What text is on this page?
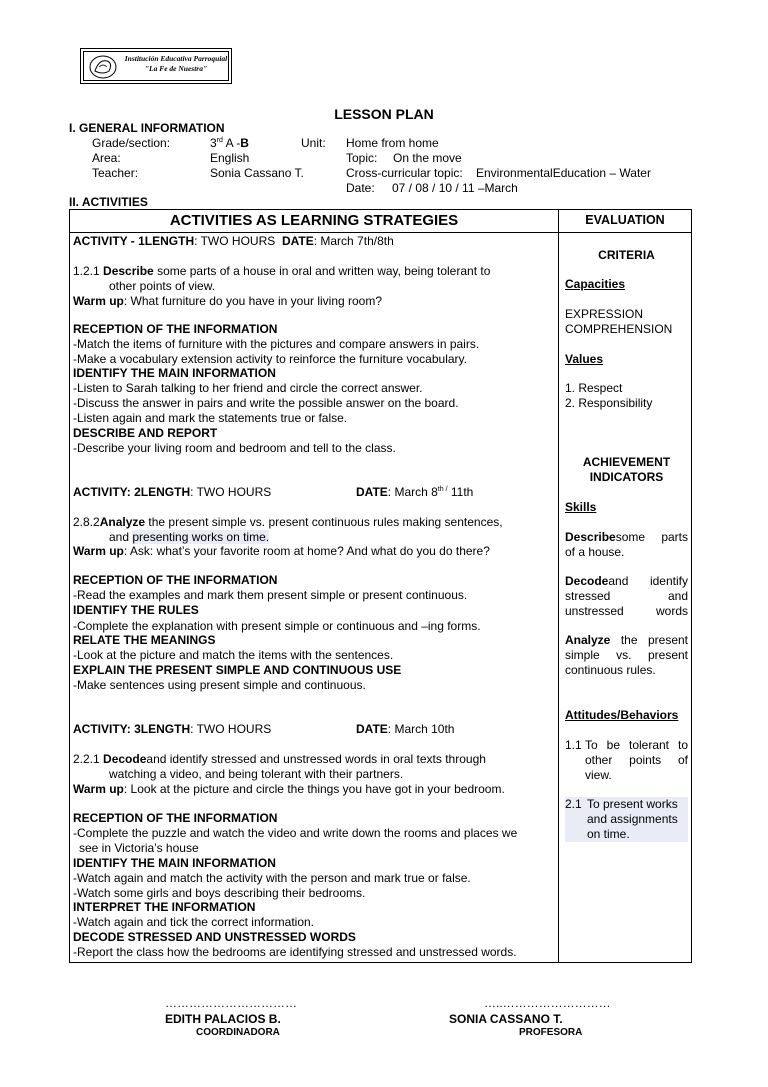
Institución Educativa Parroquial
"La Fe de Nuestra"
LESSON PLAN
I. GENERAL INFORMATION
Grade/section:	3rd A -B	Unit: Home from home
Area:	English	Topic: On the move
Teacher:	Sonia Cassano T.	Cross-curricular topic: EnvironmentalEducation – Water
Date: 07 / 08 / 10 / 11 –March
II. ACTIVITIES
ACTIVITIES AS LEARNING STRATEGIES	EVALUATION
ACTIVITY - 1LENGTH: TWO HOURS DATE: March 7th/8th
1.2.1 Describe some parts of a house in oral and written way, being tolerant to
other points of view.
Warm up: What furniture do you have in your living room?
RECEPTION OF THE INFORMATION
-Match the items of furniture with the pictures and compare answers in pairs.
-Make a vocabulary extension activity to reinforce the furniture vocabulary.
IDENTIFY THE MAIN INFORMATION
-Listen to Sarah talking to her friend and circle the correct answer.
-Discuss the answer in pairs and write the possible answer on the board.
-Listen again and mark the statements true or false.
DESCRIBE AND REPORT
-Describe your living room and bedroom and tell to the class.
ACTIVITY: 2LENGTH: TWO HOURS	DATE: March $8^{th /}$ 11th
2.8.2Analyze the present simple vs. present continuous rules making sentences,
and presenting works on time.
Warm up: Ask: what’s your favorite room at home? And what do you do there?
RECEPTION OF THE INFORMATION
-Read the examples and mark them present simple or present continuous.
IDENTIFY THE RULES
-Complete the explanation with present simple or continuous and –ing forms.
RELATE THE MEANINGS
-Look at the picture and match the items with the sentences.
EXPLAIN THE PRESENT SIMPLE AND CONTINUOUS USE
-Make sentences using present simple and continuous.
ACTIVITY: 3LENGTH: TWO HOURS	DATE: March 10th
2.2.1 Decodeand identify stressed and unstressed words in oral texts through
watching a video, and being tolerant with their partners.
Warm up: Look at the picture and circle the things you have got in your bedroom.
RECEPTION OF THE INFORMATION
-Complete the puzzle and watch the video and write down the rooms and places we
see in Victoria’s house
IDENTIFY THE MAIN INFORMATION
-Watch again and match the activity with the person and mark true or false.
-Watch some girls and boys describing their bedrooms.
INTERPRET THE INFORMATION
-Watch again and tick the correct information.
DECODE STRESSED AND UNSTRESSED WORDS
-Report the class how the bedrooms are identifying stressed and unstressed words.
CRITERIA
Capacities
EXPRESSION
COMPREHENSION
Values
1. Respect
2. Responsibility
ACHIEVEMENT
INDICATORS
Skills
Describesome parts of a house.
Decodeand identify stressed and unstressed words
Analyze the present simple vs. present continuous rules.
Attitudes/Behaviors
1.1 To be tolerant to other points of view.
2.1 To present works and assignments on time.
……………………………
EDITH PALACIOS B.
COORDINADORA
…..………………………
SONIA CASSANO T.
PROFESORA
